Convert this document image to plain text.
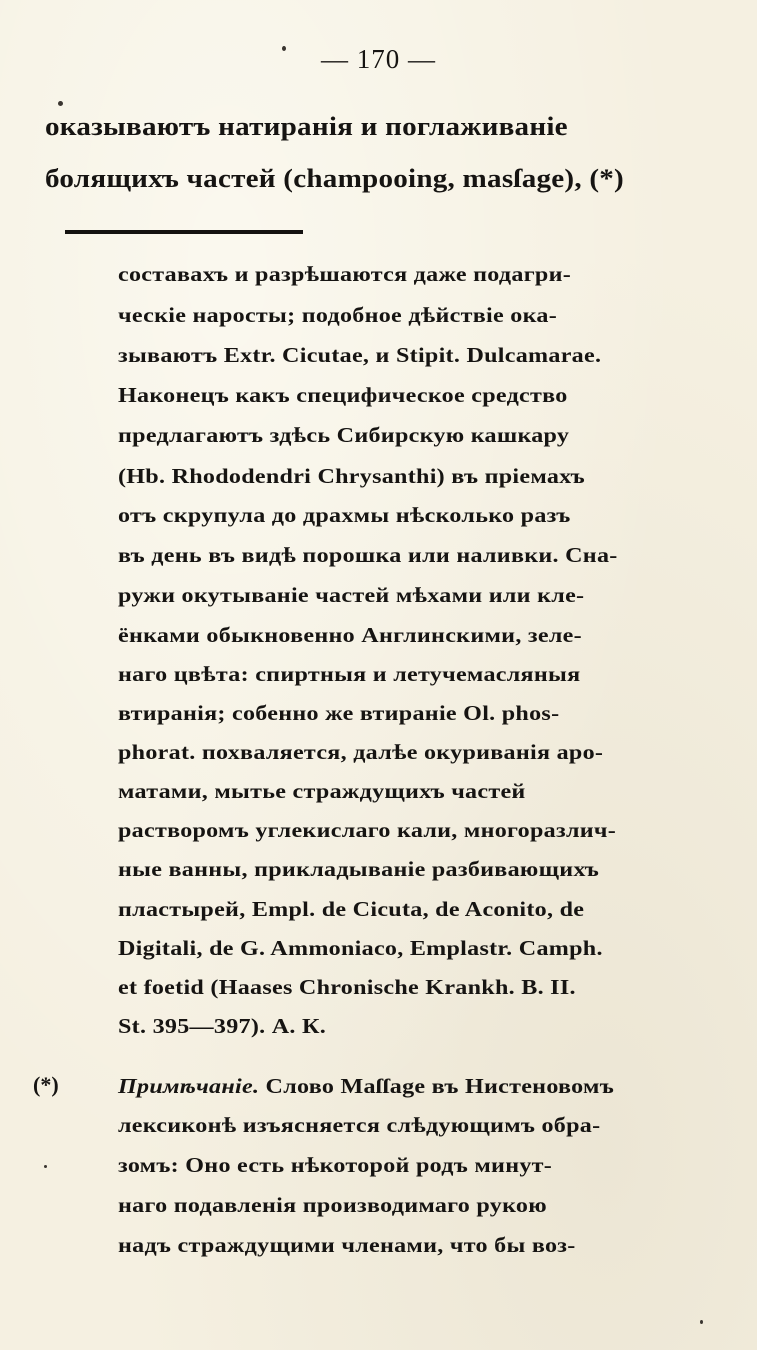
— 170 —
оказываютъ натиранія и поглаживаніе
болящихъ частей (champooing, masſage), (*)
составахъ и разрѣшаются даже подагри-
ческіе наросты; подобное дѣйствіе ока-
зываютъ Extr. Cicutae, и Stipit. Dulcamarae.
Наконецъ какъ специфическое средство
предлагаютъ здѣсь Сибирскую кашкару
(Hb. Rhododendri Chrysanthi) въ пріемахъ
отъ скрупула до драхмы нѣсколько разъ
въ день въ видѣ порошка или наливки. Сна-
ружи окутываніе частей мѣхами или кле-
ёнками обыкновенно Англинскими, зеле-
наго цвѣта: спиртныя и летучемасляныя
втиранія; собенно же втираніе Ol. phos-
phorat. похваляется, далѣе окуриванія аро-
матами, мытье страждущихъ частей
растворомъ углекислаго кали, многоразлич-
ные ванны, прикладываніе разбивающихъ
пластырей, Empl. de Cicuta, de Aconito, de
Digitali, de G. Ammoniaco, Emplastr. Camph.
et foetid (Haases Chronische Krankh. B. II.
St. 395—397). А. К.
(*)	Примѣчаніе. Слово Maſſage въ Нистеновомъ
лексиконѣ изъясняется слѣдующимъ обра-
зомъ: Оно есть нѣкоторой родъ минут-
наго подавленія производимаго рукою
надъ страждущими членами, что бы воз-
